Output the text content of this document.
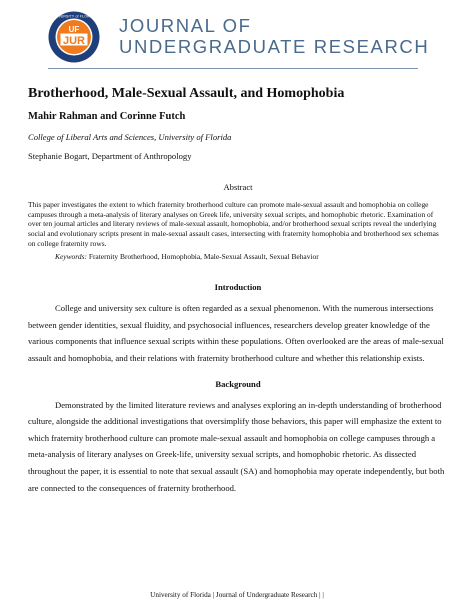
UNIVERSITY of FLORIDA
UF
JUR
JOURNAL OF
UNDERGRADUATE RESEARCH
Brotherhood, Male-Sexual Assault, and Homophobia
Mahir Rahman and Corinne Futch
College of Liberal Arts and Sciences, University of Florida
Stephanie Bogart, Department of Anthropology
Abstract
This paper investigates the extent to which fraternity brotherhood culture can promote male-sexual assault and homophobia on college campuses through a meta-analysis of literary analyses on Greek life, university sexual scripts, and homophobic rhetoric. Examination of over ten journal articles and literary reviews of male-sexual assault, homophobia, and/or brotherhood sexual scripts reveal the underlying social and evolutionary scripts present in male-sexual assault cases, intersecting with fraternity homophobia and brotherhood sex schemas on college fraternity rows.
Keywords: Fraternity Brotherhood, Homophobia, Male-Sexual Assault, Sexual Behavior
Introduction
College and university sex culture is often regarded as a sexual phenomenon. With the numerous intersections between gender identities, sexual fluidity, and psychosocial influences, researchers develop greater knowledge of the various components that influence sexual scripts within these populations. Often overlooked are the areas of male-sexual assault and homophobia, and their relations with fraternity brotherhood culture and whether this relationship exists.
Background
Demonstrated by the limited literature reviews and analyses exploring an in-depth understanding of brotherhood culture, alongside the additional investigations that oversimplify those behaviors, this paper will emphasize the extent to which fraternity brotherhood culture can promote male-sexual assault and homophobia on college campuses through a meta-analysis of literary analyses on Greek-life, university sexual scripts, and homophobic rhetoric. As dissected throughout the paper, it is essential to note that sexual assault (SA) and homophobia may operate independently, but both are connected to the consequences of fraternity brotherhood.
University of Florida | Journal of Undergraduate Research | |
